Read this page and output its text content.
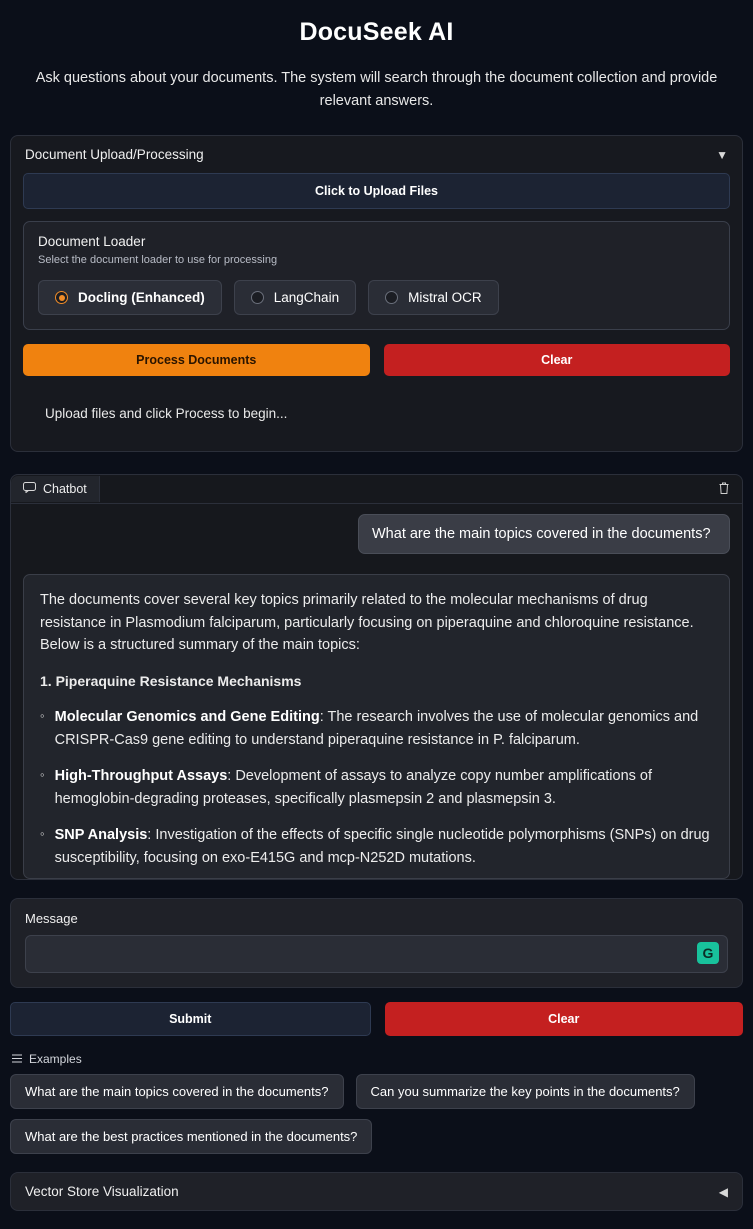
DocuSeek AI
Ask questions about your documents. The system will search through the document collection and provide relevant answers.
Document Upload/Processing	▼
Click to Upload Files
Document Loader
Select the document loader to use for processing
Docling (Enhanced)	LangChain	Mistral OCR
Process Documents	Clear
Upload files and click Process to begin...
Chatbot
What are the main topics covered in the documents?

The documents cover several key topics primarily related to the molecular mechanisms of drug resistance in Plasmodium falciparum, particularly focusing on piperaquine and chloroquine resistance. Below is a structured summary of the main topics:

1. Piperaquine Resistance Mechanisms

◦ Molecular Genomics and Gene Editing: The research involves the use of molecular genomics and CRISPR-Cas9 gene editing to understand piperaquine resistance in P. falciparum.
◦ High-Throughput Assays: Development of assays to analyze copy number amplifications of hemoglobin-degrading proteases, specifically plasmepsin 2 and plasmepsin 3.
◦ SNP Analysis: Investigation of the effects of specific single nucleotide polymorphisms (SNPs) on drug susceptibility, focusing on exo-E415G and mcp-N252D mutations.
Message
G
Submit	Clear
Examples
What are the main topics covered in the documents?	Can you summarize the key points in the documents?
What are the best practices mentioned in the documents?
Vector Store Visualization	◀
